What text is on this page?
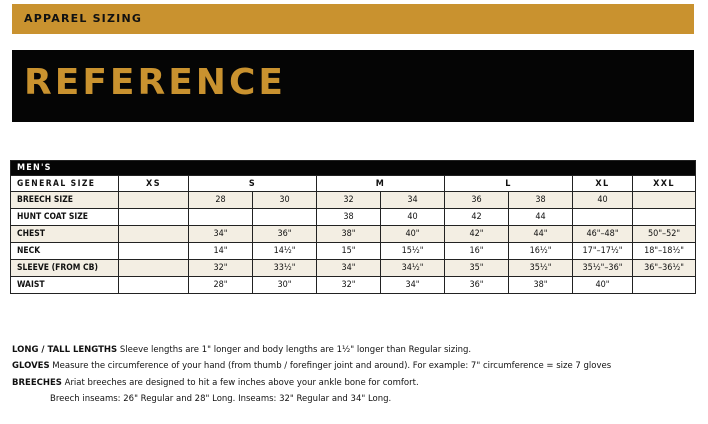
APPAREL SIZING
REFERENCE
MEN'S									
GENERAL SIZE	XS	S		M		L		XL	XXL
BREECH SIZE		28	30	32	34	36	38	40	
HUNT COAT SIZE				38	40	42	44		
CHEST		34"	36"	38"	40"	42"	44"	46"–48"	50"–52"
NECK		14"	14½"	15"	15½"	16"	16½"	17"–17½"	18"–18½"
SLEEVE (FROM CB)		32"	33½"	34"	34½"	35"	35½"	35½"–36"	36"–36½"
WAIST		28"	30"	32"	34"	36"	38"	40"	
LONG / TALL LENGTHS Sleeve lengths are 1" longer and body lengths are 1½" longer than Regular sizing.
GLOVES Measure the circumference of your hand (from thumb / forefinger joint and around). For example: 7" circumference = size 7 gloves
BREECHES Ariat breeches are designed to hit a few inches above your ankle bone for comfort.
Breech inseams: 26" Regular and 28" Long. Inseams: 32" Regular and 34" Long.
